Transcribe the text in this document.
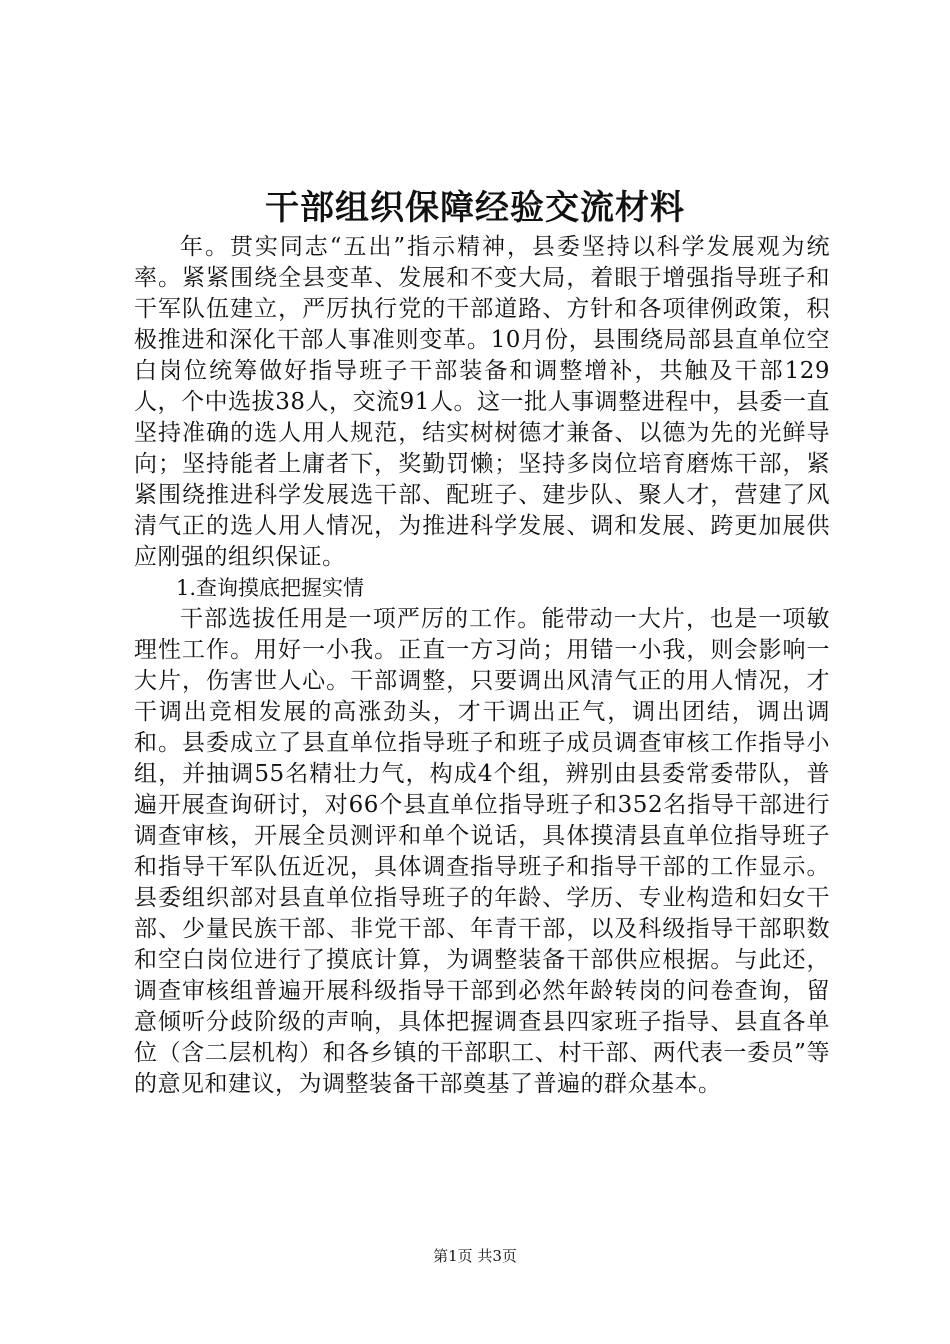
干部组织保障经验交流材料

年。贯实同志“五出”指示精神，县委坚持以科学发展观为统率。紧紧围绕全县变革、发展和不变大局，着眼于增强指导班子和干军队伍建立，严厉执行党的干部道路、方针和各项律例政策，积极推进和深化干部人事准则变革。10月份，县围绕局部县直单位空白岗位统筹做好指导班子干部装备和调整增补，共触及干部129人，个中选拔38人，交流91人。这一批人事调整进程中，县委一直坚持准确的选人用人规范，结实树树德才兼备、以德为先的光鲜导向；坚持能者上庸者下，奖勤罚懒；坚持多岗位培育磨炼干部，紧紧围绕推进科学发展选干部、配班子、建步队、聚人才，营建了风清气正的选人用人情况，为推进科学发展、调和发展、跨更加展供应刚强的组织保证。

1.查询摸底把握实情

干部选拔任用是一项严厉的工作。能带动一大片，也是一项敏理性工作。用好一小我。正直一方习尚；用错一小我，则会影响一大片，伤害世人心。干部调整，只要调出风清气正的用人情况，才干调出竞相发展的高涨劲头，才干调出正气，调出团结，调出调和。县委成立了县直单位指导班子和班子成员调查审核工作指导小组，并抽调55名精壮力气，构成4个组，辨别由县委常委带队，普遍开展查询研讨，对66个县直单位指导班子和352名指导干部进行调查审核，开展全员测评和单个说话，具体摸清县直单位指导班子和指导干军队伍近况，具体调查指导班子和指导干部的工作显示。县委组织部对县直单位指导班子的年龄、学历、专业构造和妇女干部、少量民族干部、非党干部、年青干部，以及科级指导干部职数和空白岗位进行了摸底计算，为调整装备干部供应根据。与此还，调查审核组普遍开展科级指导干部到必然年龄转岗的问卷查询，留意倾听分歧阶级的声响，具体把握调查县四家班子指导、县直各单位（含二层机构）和各乡镇的干部职工、村干部、两代表一委员”等的意见和建议，为调整装备干部奠基了普遍的群众基本。

第1页 共3页
